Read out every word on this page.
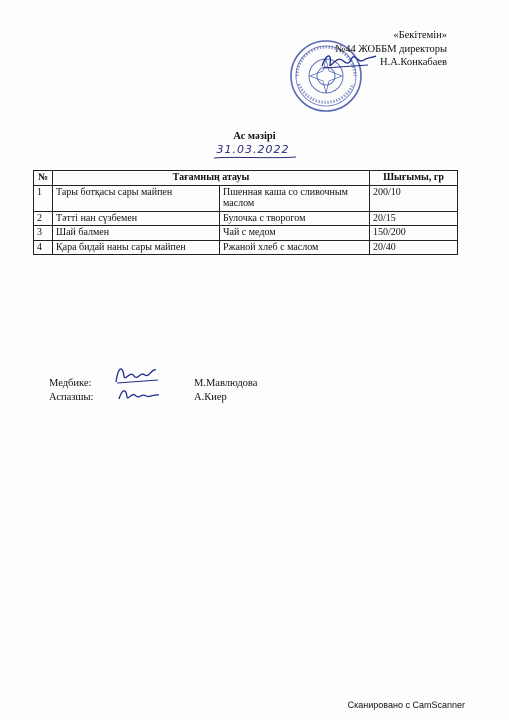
«Бекітемін»
№44 ЖОББМ директоры
Н.А.Конкабаев
Ас мәзірі
31.03.2022
№	Тағамның атауы		Шығымы, гр
1	Тары ботқасы сары майпен	Пшенная каша со сливочным маслом	200/10
2	Тәтті нан сүзбемен	Булочка с творогом	20/15
3	Шай балмен	Чай с медом	150/200
4	Қара бидай наны сары майпен	Ржаной хлеб с маслом	20/40
Медбике:	М.Мавлюдова
Аспазшы:	А.Киер
Сканировано с CamScanner
